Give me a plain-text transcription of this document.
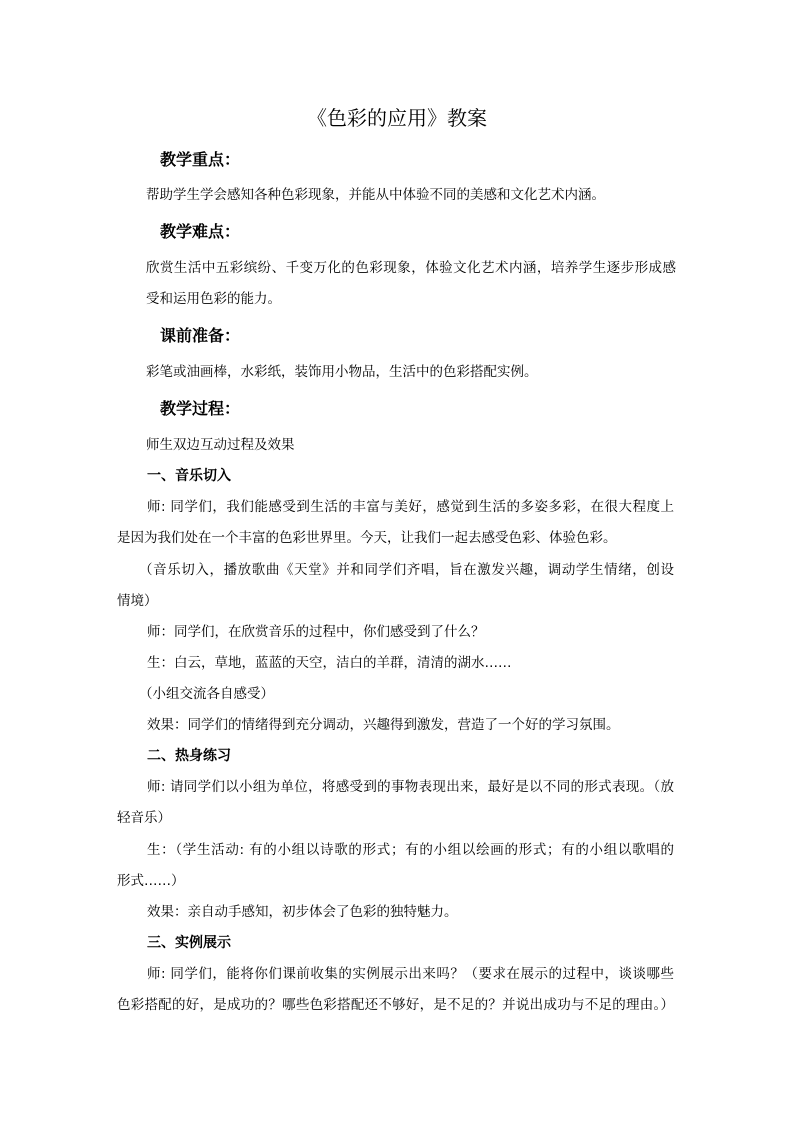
《色彩的应用》教案
教学重点：
帮助学生学会感知各种色彩现象，并能从中体验不同的美感和文化艺术内涵。
教学难点：
欣赏生活中五彩缤纷、千变万化的色彩现象，体验文化艺术内涵，培养学生逐步形成感
受和运用色彩的能力。
课前准备：
彩笔或油画棒，水彩纸，装饰用小物品，生活中的色彩搭配实例。
教学过程：
师生双边互动过程及效果
一、音乐切入
师: 同学们，我们能感受到生活的丰富与美好，感觉到生活的多姿多彩，在很大程度上
是因为我们处在一个丰富的色彩世界里。今天，让我们一起去感受色彩、体验色彩。
（音乐切入，播放歌曲《天堂》并和同学们齐唱，旨在激发兴趣，调动学生情绪，创设
情境）
师：同学们，在欣赏音乐的过程中，你们感受到了什么？
生：白云，草地，蓝蓝的天空，洁白的羊群，清清的湖水……
（小组交流各自感受）
效果：同学们的情绪得到充分调动，兴趣得到激发，营造了一个好的学习氛围。
二、热身练习
师: 请同学们以小组为单位，将感受到的事物表现出来，最好是以不同的形式表现。（放
轻音乐）
生：（学生活动: 有的小组以诗歌的形式；有的小组以绘画的形式；有的小组以歌唱的
形式……）
效果：亲自动手感知，初步体会了色彩的独特魅力。
三、实例展示
师: 同学们，能将你们课前收集的实例展示出来吗？（要求在展示的过程中，谈谈哪些
色彩搭配的好，是成功的？哪些色彩搭配还不够好，是不足的？并说出成功与不足的理由。）
